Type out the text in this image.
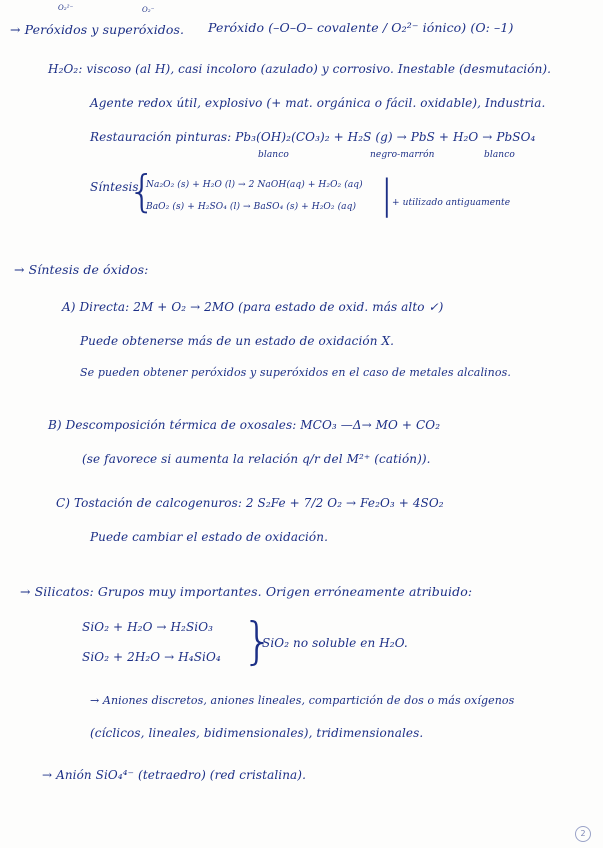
O₂²⁻	O₂⁻
→ Peróxidos y superóxidos. Peróxido (–O–O– covalente / O₂²⁻ iónico) (O: –1)
H₂O₂: viscoso (al H), casi incoloro (azulado) y corrosivo. Inestable (desmutación).
Agente redox útil, explosivo (+ mat. orgánica o fácil. oxidable), Industria.
Restauración pinturas: Pb₃(OH)₂(CO₃)₂ + H₂S (g) → PbS + H₂O → PbSO₄
blanco	negro-marrón	blanco
Síntesis
{
Na₂O₂ (s) + H₂O (l) → 2 NaOH(aq) + H₂O₂ (aq)
BaO₂ (s) + H₂SO₄ (l) → BaSO₄ (s) + H₂O₂ (aq) |
+ utilizado antiguamente
→ Síntesis de óxidos:
A) Directa: 2M + O₂ → 2MO (para estado de oxid. más alto ✓)
Puede obtenerse más de un estado de oxidación X.
Se pueden obtener peróxidos y superóxidos en el caso de metales alcalinos.
B) Descomposición térmica de oxosales: MCO₃ —Δ→ MO + CO₂
(se favorece si aumenta la relación q/r del M²⁺ (catión)).
C) Tostación de calcogenuros: 2 S₂Fe + 7/2 O₂ → Fe₂O₃ + 4SO₂
Puede cambiar el estado de oxidación.
→ Silicatos: Grupos muy importantes. Origen erróneamente atribuido:
SiO₂ + H₂O → H₂SiO₃
SiO₂ + 2H₂O → H₄SiO₄ }
SiO₂ no soluble en H₂O.
→ Aniones discretos, aniones lineales, compartición de dos o más oxígenos
(cíclicos, lineales, bidimensionales), tridimensionales.
→ Anión SiO₄⁴⁻ (tetraedro) (red cristalina).
2
